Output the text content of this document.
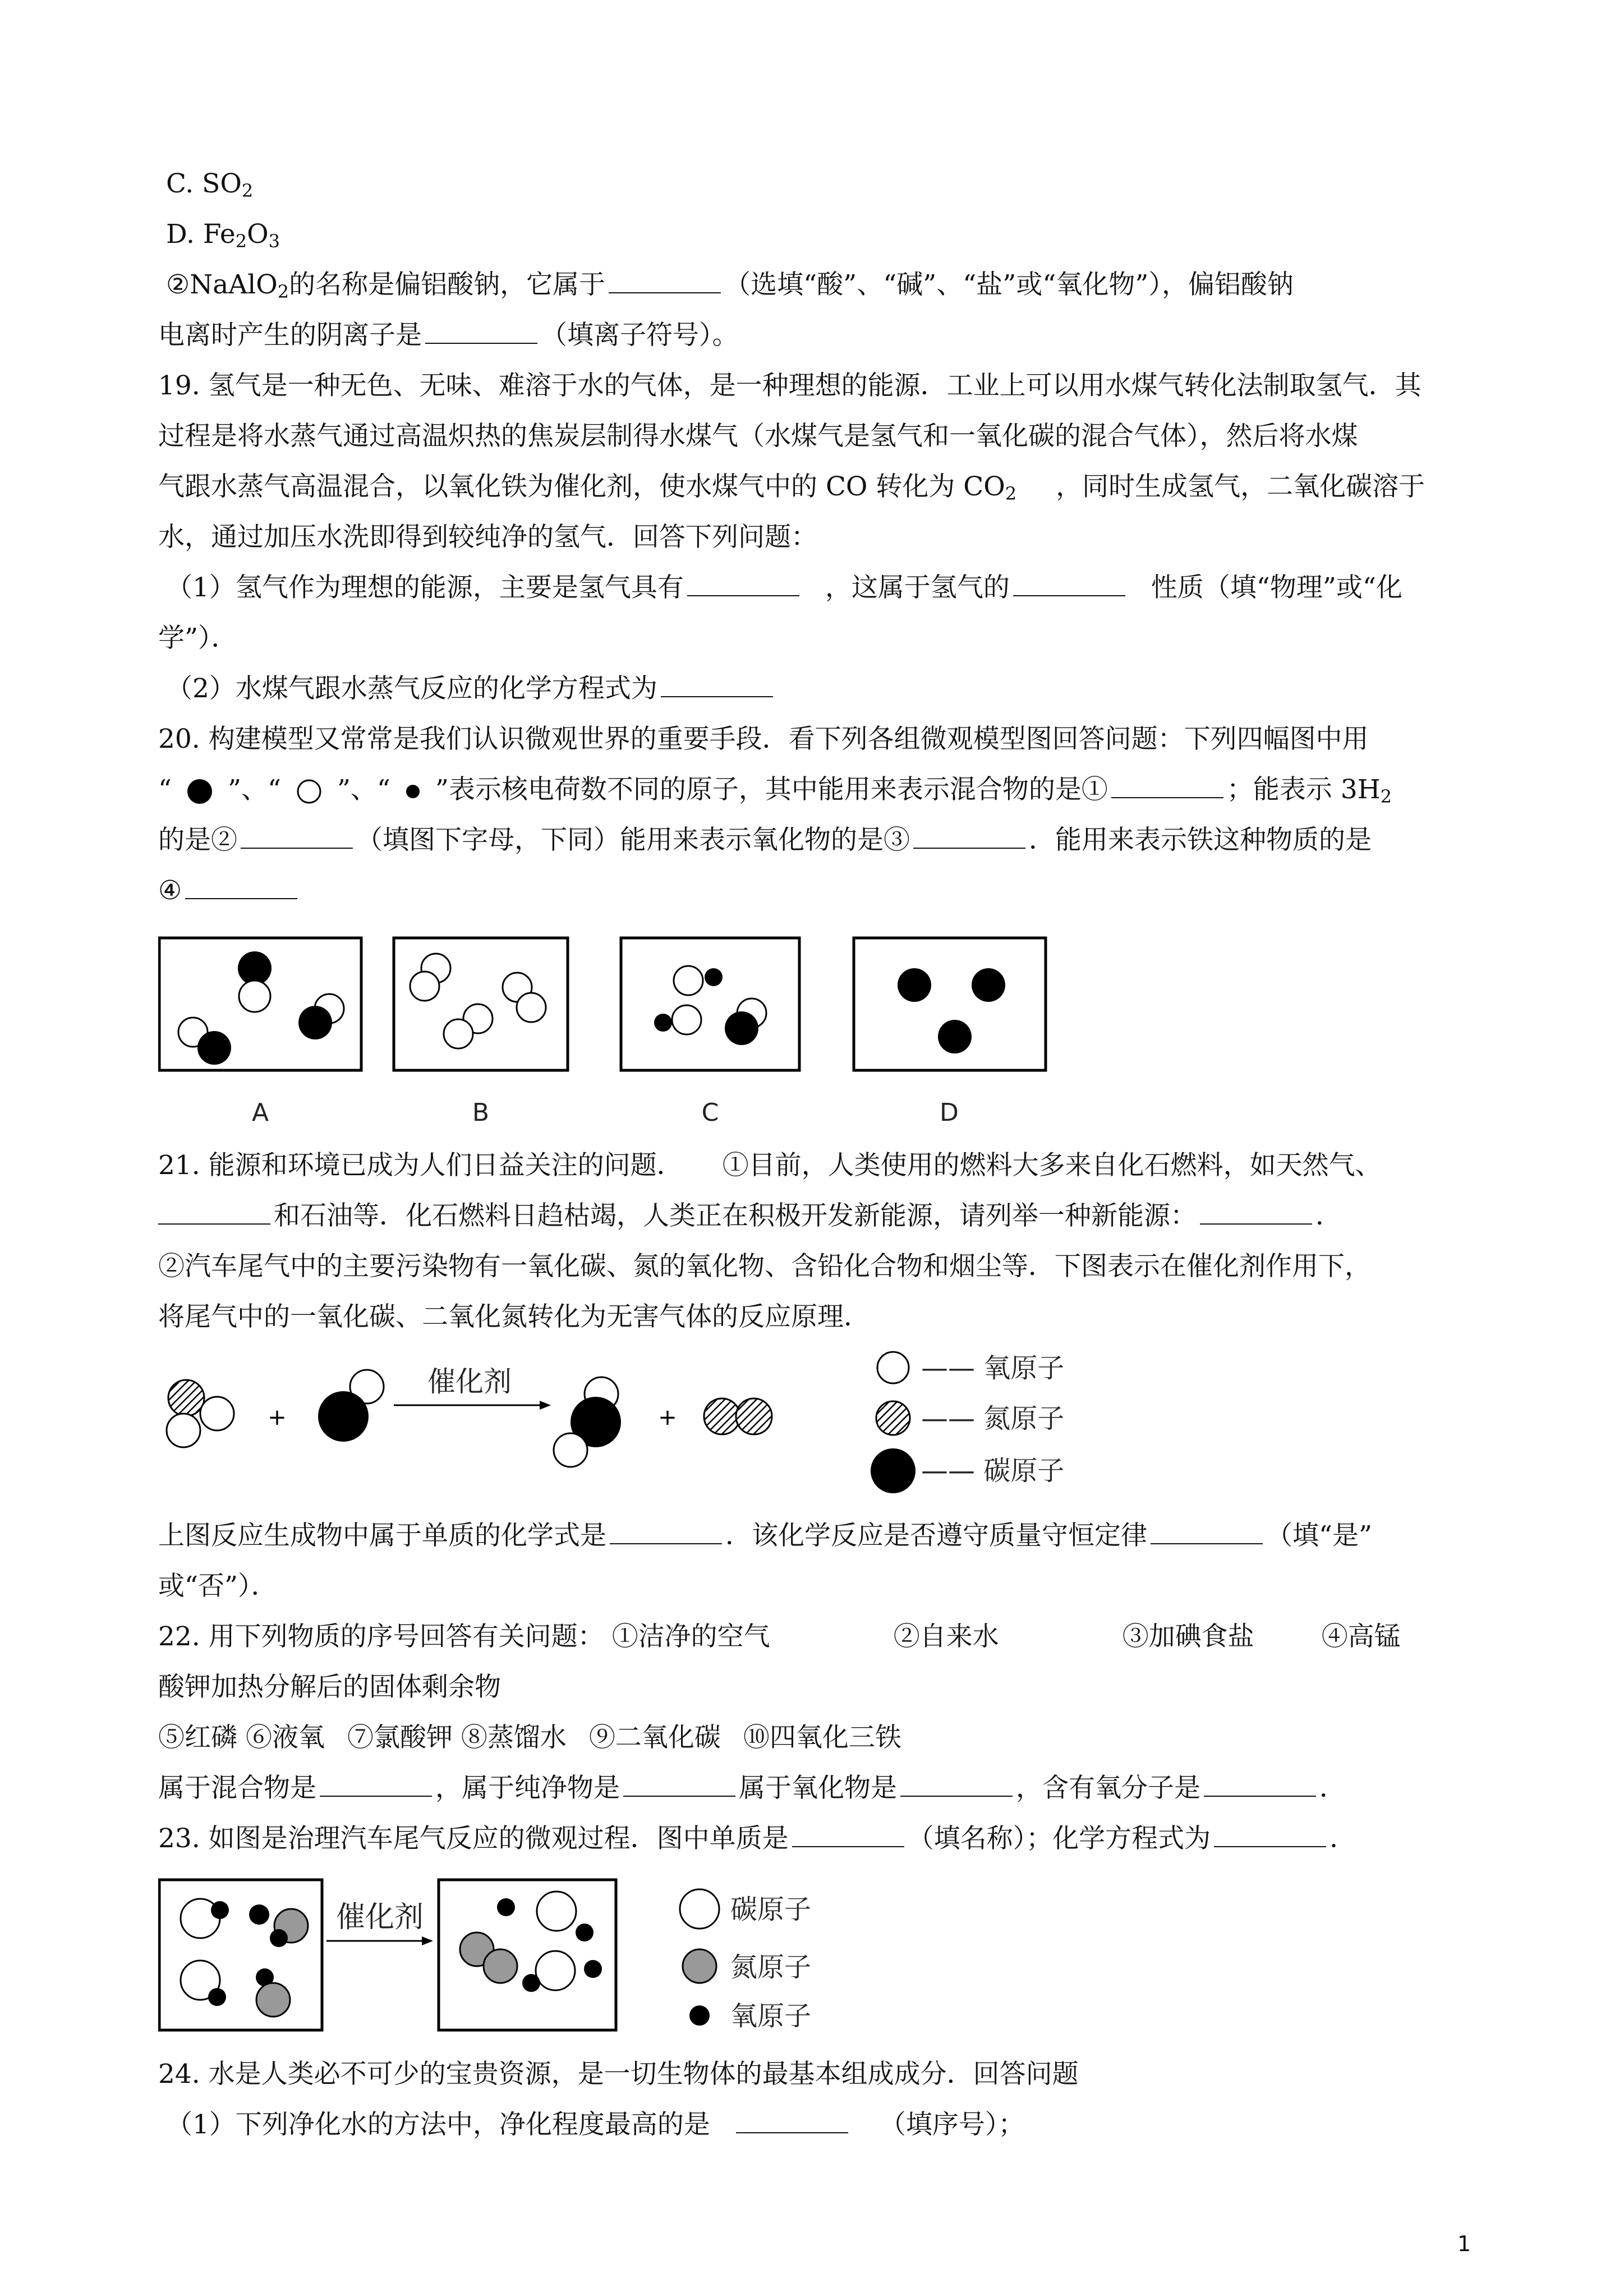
C. $SO_2$
D. $Fe_2O_3$
②NaAlO$_2$的名称是偏铝酸钠，它属于	（选填“酸”、“碱”、“盐”或“氧化物”），偏铝酸钠
电离时产生的阴离子是	（填离子符号）。
19. 氢气是一种无色、无味、难溶于水的气体，是一种理想的能源．工业上可以用水煤气转化法制取氢气．其
过程是将水蒸气通过高温炽热的焦炭层制得水煤气（水煤气是氢气和一氧化碳的混合气体），然后将水煤
气跟水蒸气高温混合，以氧化铁为催化剂，使水煤气中的 CO 转化为 $CO_2$ ，同时生成氢气，二氧化碳溶于
水，通过加压水洗即得到较纯净的氢气．回答下列问题：
（1）氢气作为理想的能源，主要是氢气具有	，这属于氢气的	性质（填“物理”或“化
学”）．
（2）水煤气跟水蒸气反应的化学方程式为
20. 构建模型又常常是我们认识微观世界的重要手段．看下列各组微观模型图回答问题：下列四幅图中用
“ ”、“ ”、“ ”表示核电荷数不同的原子，其中能用来表示混合物的是①	；能表示 $3H_2$
的是②	（填图下字母，下同）能用来表示氧化物的是③	．能用来表示铁这种物质的是
④
A	B	C	D
21. 能源和环境已成为人们日益关注的问题． ①目前，人类使用的燃料大多来自化石燃料，如天然气、
和石油等．化石燃料日趋枯竭，人类正在积极开发新能源，请列举一种新能源：	．
②汽车尾气中的主要污染物有一氧化碳、氮的氧化物、含铅化合物和烟尘等．下图表示在催化剂作用下，
将尾气中的一氧化碳、二氧化氮转化为无害气体的反应原理．
+
催化剂
+
—— 氧原子
—— 氮原子
—— 碳原子
上图反应生成物中属于单质的化学式是	．该化学反应是否遵守质量守恒定律	（填“是”
或“否”）．
22. 用下列物质的序号回答有关问题： ①洁净的空气	②自来水	③加碘食盐	④高锰
酸钾加热分解后的固体剩余物
⑤红磷 ⑥液氧 ⑦氯酸钾 ⑧蒸馏水 ⑨二氧化碳 ⑩四氧化三铁
属于混合物是	，属于纯净物是	属于氧化物是	，含有氧分子是	．
23. 如图是治理汽车尾气反应的微观过程．图中单质是	（填名称）；化学方程式为	．
催化剂	碳原子
氮原子
氧原子
24. 水是人类必不可少的宝贵资源，是一切生物体的最基本组成成分．回答问题
（1）下列净化水的方法中，净化程度最高的是	（填序号）；
1
